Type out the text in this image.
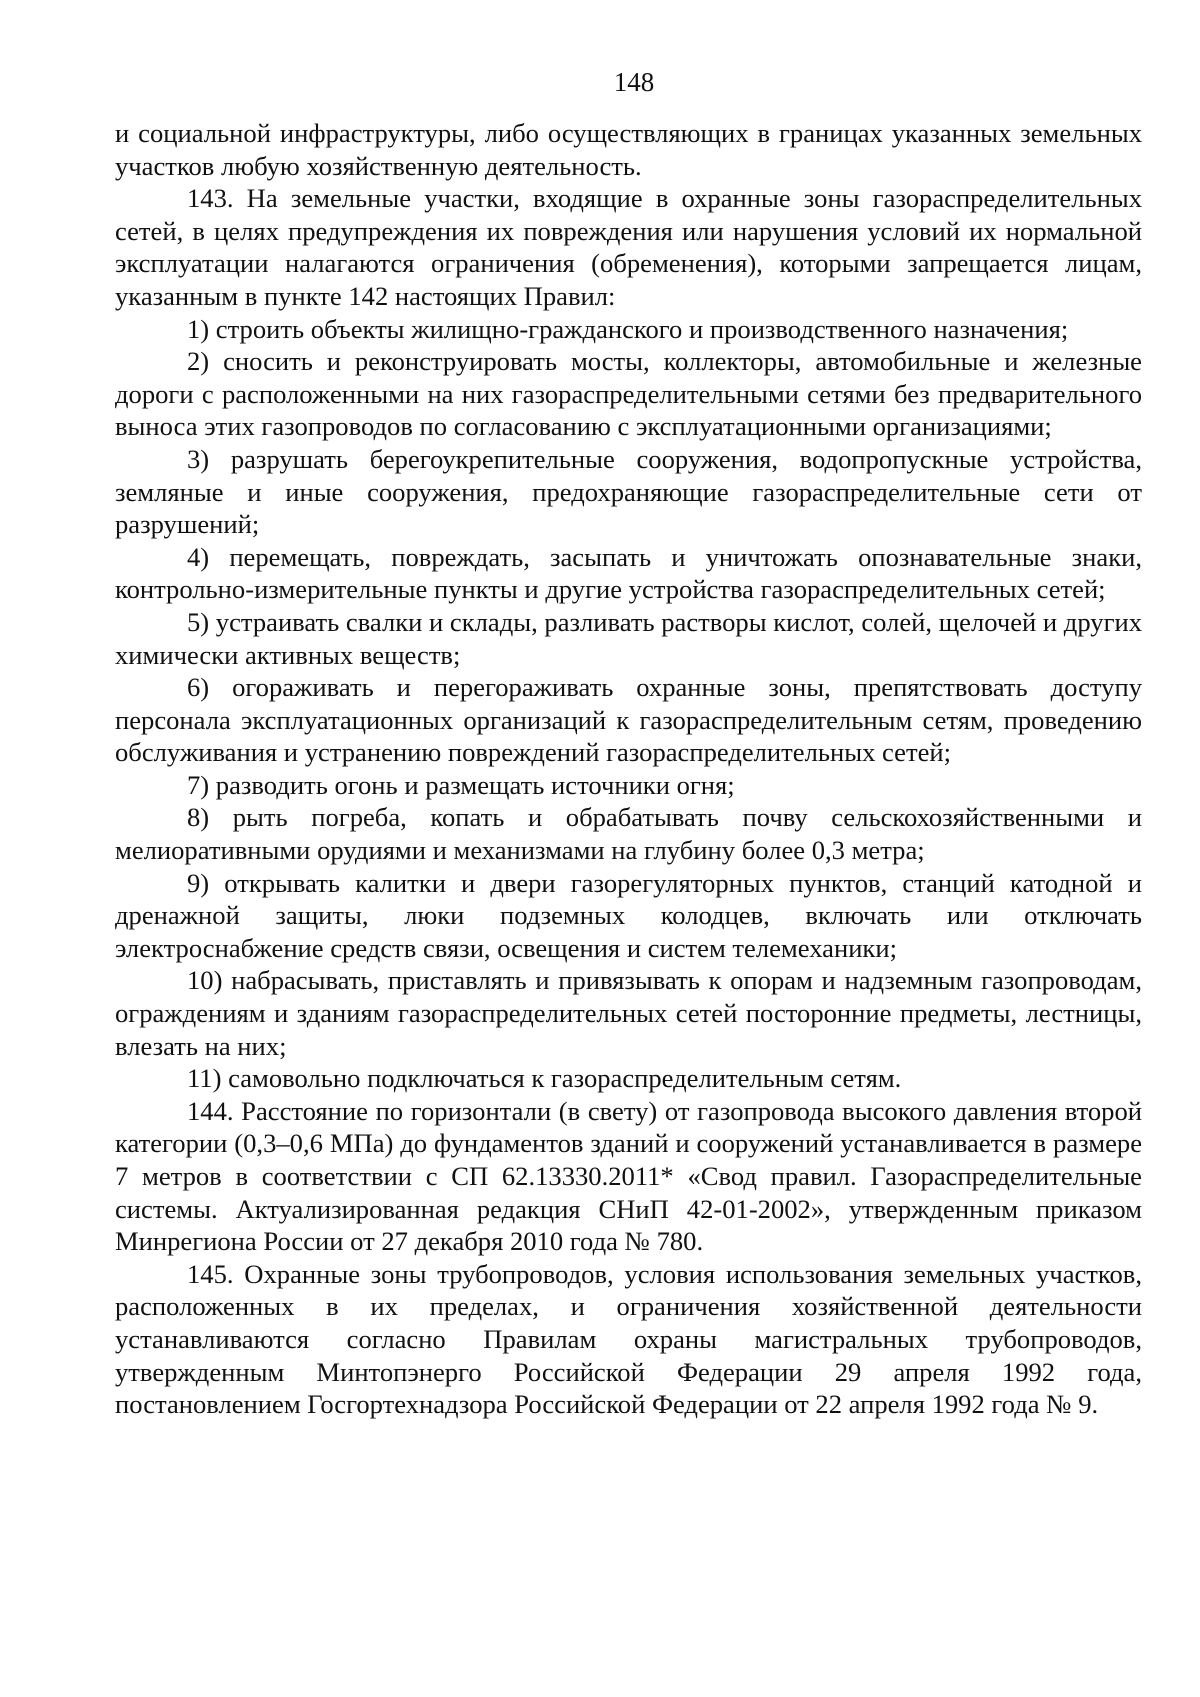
148

и социальной инфраструктуры, либо осуществляющих в границах указанных земельных участков любую хозяйственную деятельность.

143. На земельные участки, входящие в охранные зоны газораспределительных сетей, в целях предупреждения их повреждения или нарушения условий их нормальной эксплуатации налагаются ограничения (обременения), которыми запрещается лицам, указанным в пункте 142 настоящих Правил:

1) строить объекты жилищно-гражданского и производственного назначения;

2) сносить и реконструировать мосты, коллекторы, автомобильные и железные дороги с расположенными на них газораспределительными сетями без предварительного выноса этих газопроводов по согласованию с эксплуатационными организациями;

3) разрушать берегоукрепительные сооружения, водопропускные устройства, земляные и иные сооружения, предохраняющие газораспределительные сети от разрушений;

4) перемещать, повреждать, засыпать и уничтожать опознавательные знаки, контрольно-измерительные пункты и другие устройства газораспределительных сетей;

5) устраивать свалки и склады, разливать растворы кислот, солей, щелочей и других химически активных веществ;

6) огораживать и перегораживать охранные зоны, препятствовать доступу персонала эксплуатационных организаций к газораспределительным сетям, проведению обслуживания и устранению повреждений газораспределительных сетей;

7) разводить огонь и размещать источники огня;

8) рыть погреба, копать и обрабатывать почву сельскохозяйственными и мелиоративными орудиями и механизмами на глубину более 0,3 метра;

9) открывать калитки и двери газорегуляторных пунктов, станций катодной и дренажной защиты, люки подземных колодцев, включать или отключать электроснабжение средств связи, освещения и систем телемеханики;

10) набрасывать, приставлять и привязывать к опорам и надземным газопроводам, ограждениям и зданиям газораспределительных сетей посторонние предметы, лестницы, влезать на них;

11) самовольно подключаться к газораспределительным сетям.

144. Расстояние по горизонтали (в свету) от газопровода высокого давления второй категории (0,3–0,6 МПа) до фундаментов зданий и сооружений устанавливается в размере 7 метров в соответствии с СП 62.13330.2011* «Свод правил. Газораспределительные системы. Актуализированная редакция СНиП 42-01-2002», утвержденным приказом Минрегиона России от 27 декабря 2010 года № 780.

145. Охранные зоны трубопроводов, условия использования земельных участков, расположенных в их пределах, и ограничения хозяйственной деятельности устанавливаются согласно Правилам охраны магистральных трубопроводов, утвержденным Минтопэнерго Российской Федерации 29 апреля 1992 года, постановлением Госгортехнадзора Российской Федерации от 22 апреля 1992 года № 9.
